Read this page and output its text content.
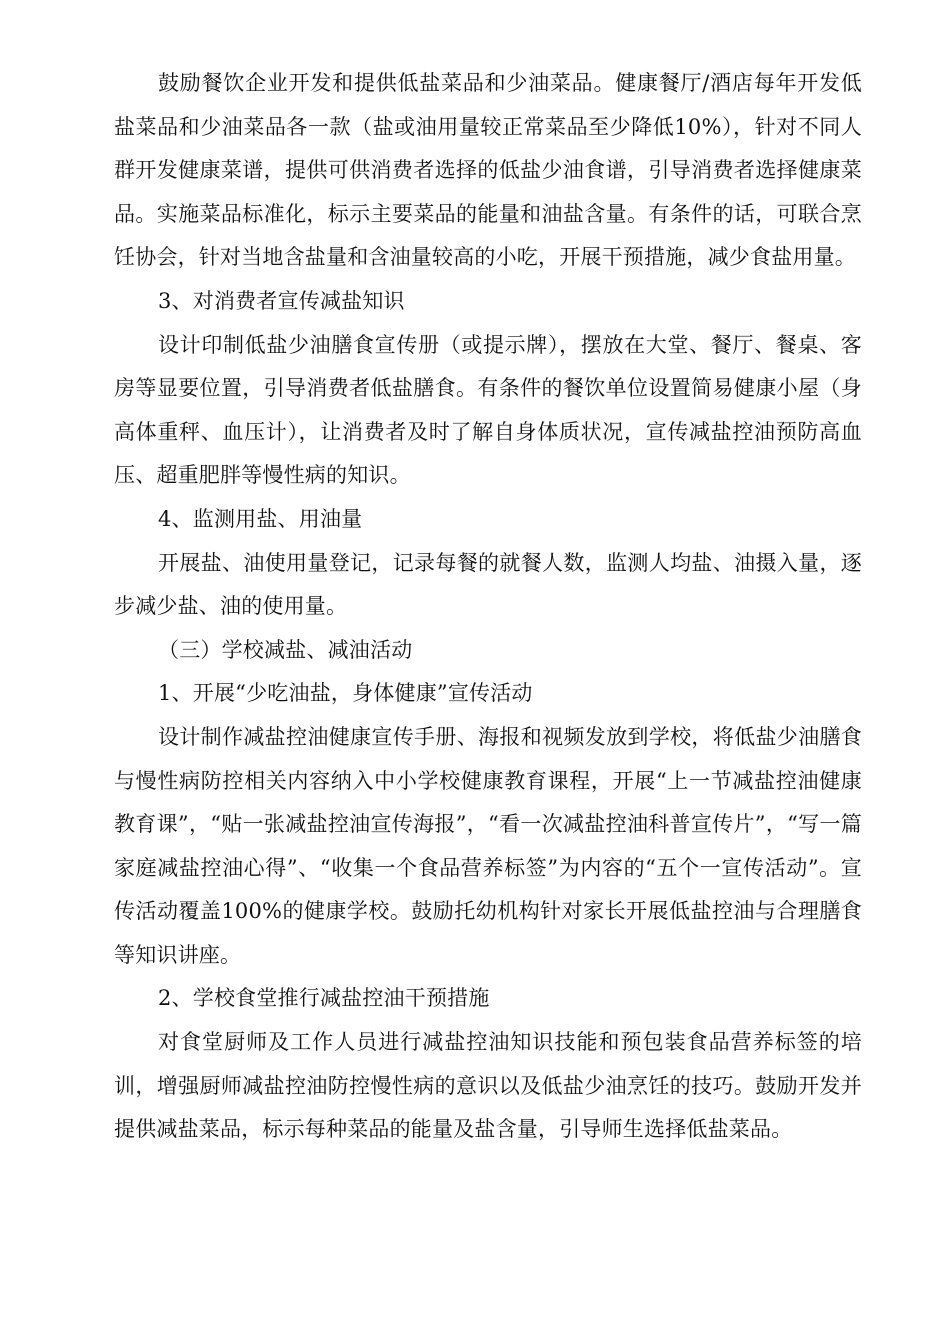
鼓励餐饮企业开发和提供低盐菜品和少油菜品。健康餐厅/酒店每年开发低盐菜品和少油菜品各一款（盐或油用量较正常菜品至少降低10%），针对不同人群开发健康菜谱，提供可供消费者选择的低盐少油食谱，引导消费者选择健康菜品。实施菜品标准化，标示主要菜品的能量和油盐含量。有条件的话，可联合烹饪协会，针对当地含盐量和含油量较高的小吃，开展干预措施，减少食盐用量。

3、对消费者宣传减盐知识

设计印制低盐少油膳食宣传册（或提示牌），摆放在大堂、餐厅、餐桌、客房等显要位置，引导消费者低盐膳食。有条件的餐饮单位设置简易健康小屋（身高体重秤、血压计），让消费者及时了解自身体质状况，宣传减盐控油预防高血压、超重肥胖等慢性病的知识。

4、监测用盐、用油量

开展盐、油使用量登记，记录每餐的就餐人数，监测人均盐、油摄入量，逐步减少盐、油的使用量。

（三）学校减盐、减油活动

1、开展“少吃油盐，身体健康”宣传活动

设计制作减盐控油健康宣传手册、海报和视频发放到学校，将低盐少油膳食与慢性病防控相关内容纳入中小学校健康教育课程，开展“上一节减盐控油健康教育课”，“贴一张减盐控油宣传海报”，“看一次减盐控油科普宣传片”，“写一篇家庭减盐控油心得”、“收集一个食品营养标签”为内容的“五个一宣传活动”。宣传活动覆盖100%的健康学校。鼓励托幼机构针对家长开展低盐控油与合理膳食等知识讲座。

2、学校食堂推行减盐控油干预措施

对食堂厨师及工作人员进行减盐控油知识技能和预包装食品营养标签的培训，增强厨师减盐控油防控慢性病的意识以及低盐少油烹饪的技巧。鼓励开发并提供减盐菜品，标示每种菜品的能量及盐含量，引导师生选择低盐菜品。
